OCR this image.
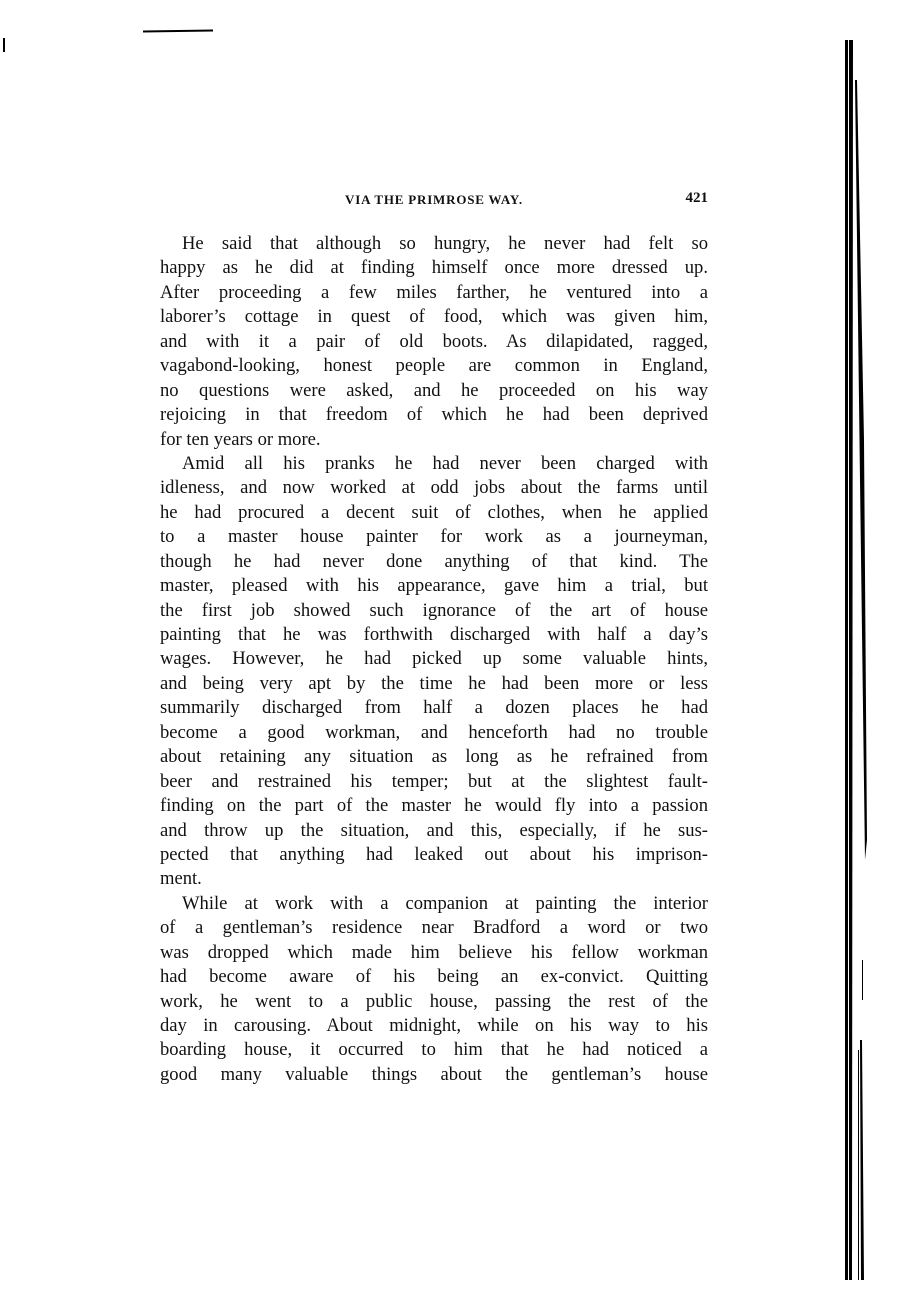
VIA THE PRIMROSE WAY.	421
He said that although so hungry, he never had felt so
happy as he did at finding himself once more dressed up.
After proceeding a few miles farther, he ventured into a
laborer’s cottage in quest of food, which was given him,
and with it a pair of old boots. As dilapidated, ragged,
vagabond-looking, honest people are common in England,
no questions were asked, and he proceeded on his way
rejoicing in that freedom of which he had been deprived
for ten years or more.
Amid all his pranks he had never been charged with
idleness, and now worked at odd jobs about the farms until
he had procured a decent suit of clothes, when he applied
to a master house painter for work as a journeyman,
though he had never done anything of that kind. The
master, pleased with his appearance, gave him a trial, but
the first job showed such ignorance of the art of house
painting that he was forthwith discharged with half a day’s
wages. However, he had picked up some valuable hints,
and being very apt by the time he had been more or less
summarily discharged from half a dozen places he had
become a good workman, and henceforth had no trouble
about retaining any situation as long as he refrained from
beer and restrained his temper; but at the slightest fault-
finding on the part of the master he would fly into a passion
and throw up the situation, and this, especially, if he sus-
pected that anything had leaked out about his imprison-
ment.
While at work with a companion at painting the interior
of a gentleman’s residence near Bradford a word or two
was dropped which made him believe his fellow workman
had become aware of his being an ex-convict. Quitting
work, he went to a public house, passing the rest of the
day in carousing. About midnight, while on his way to his
boarding house, it occurred to him that he had noticed a
good many valuable things about the gentleman’s house
